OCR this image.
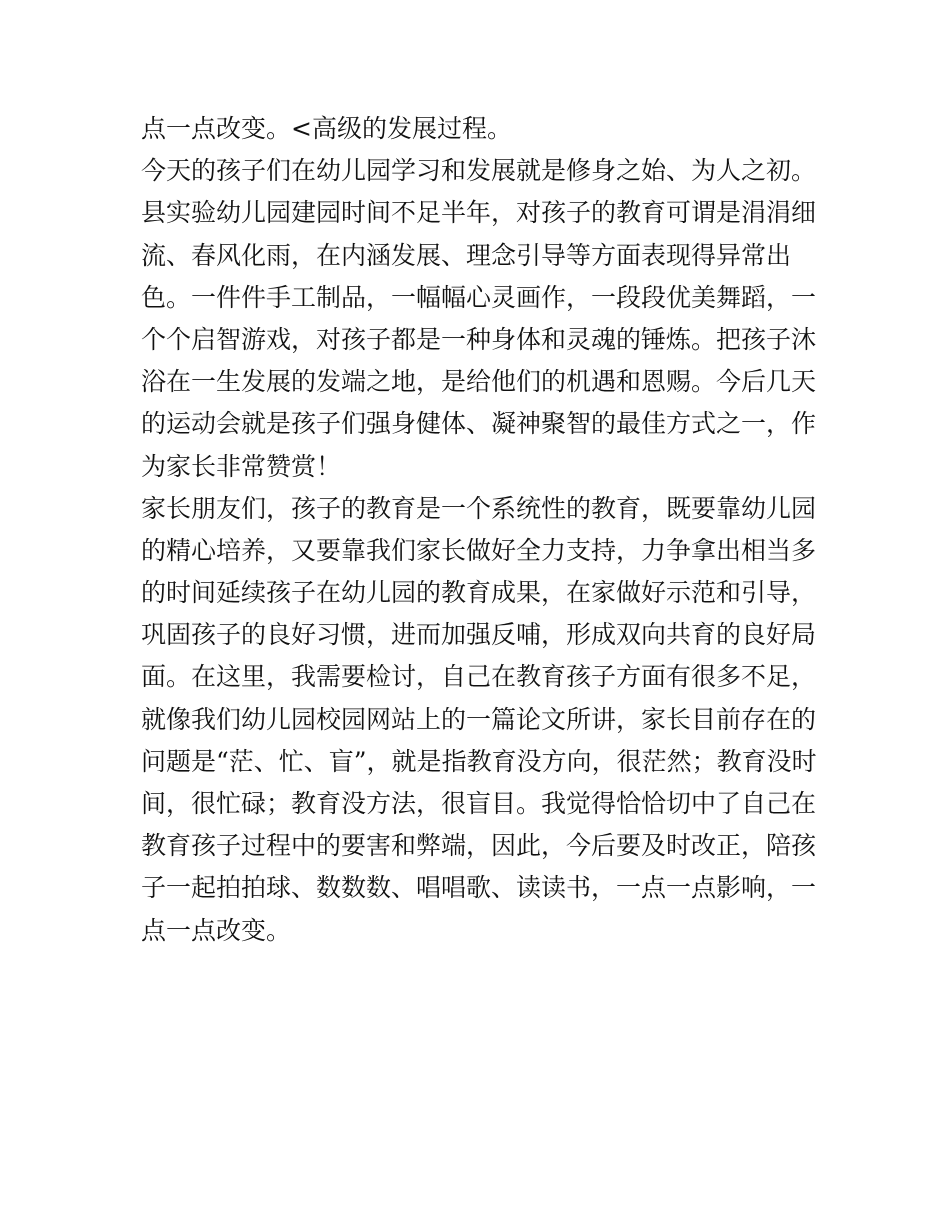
点一点改变。<高级的发展过程。
今天的孩子们在幼儿园学习和发展就是修身之始、为人之初。
县实验幼儿园建园时间不足半年，对孩子的教育可谓是涓涓细
流、春风化雨，在内涵发展、理念引导等方面表现得异常出
色。一件件手工制品，一幅幅心灵画作，一段段优美舞蹈，一
个个启智游戏，对孩子都是一种身体和灵魂的锤炼。把孩子沐
浴在一生发展的发端之地，是给他们的机遇和恩赐。今后几天
的运动会就是孩子们强身健体、凝神聚智的最佳方式之一，作
为家长非常赞赏！
家长朋友们，孩子的教育是一个系统性的教育，既要靠幼儿园
的精心培养，又要靠我们家长做好全力支持，力争拿出相当多
的时间延续孩子在幼儿园的教育成果，在家做好示范和引导，
巩固孩子的良好习惯，进而加强反哺，形成双向共育的良好局
面。在这里，我需要检讨，自己在教育孩子方面有很多不足，
就像我们幼儿园校园网站上的一篇论文所讲，家长目前存在的
问题是“茫、忙、盲”，就是指教育没方向，很茫然；教育没时
间，很忙碌；教育没方法，很盲目。我觉得恰恰切中了自己在
教育孩子过程中的要害和弊端，因此，今后要及时改正，陪孩
子一起拍拍球、数数数、唱唱歌、读读书，一点一点影响，一
点一点改变。
